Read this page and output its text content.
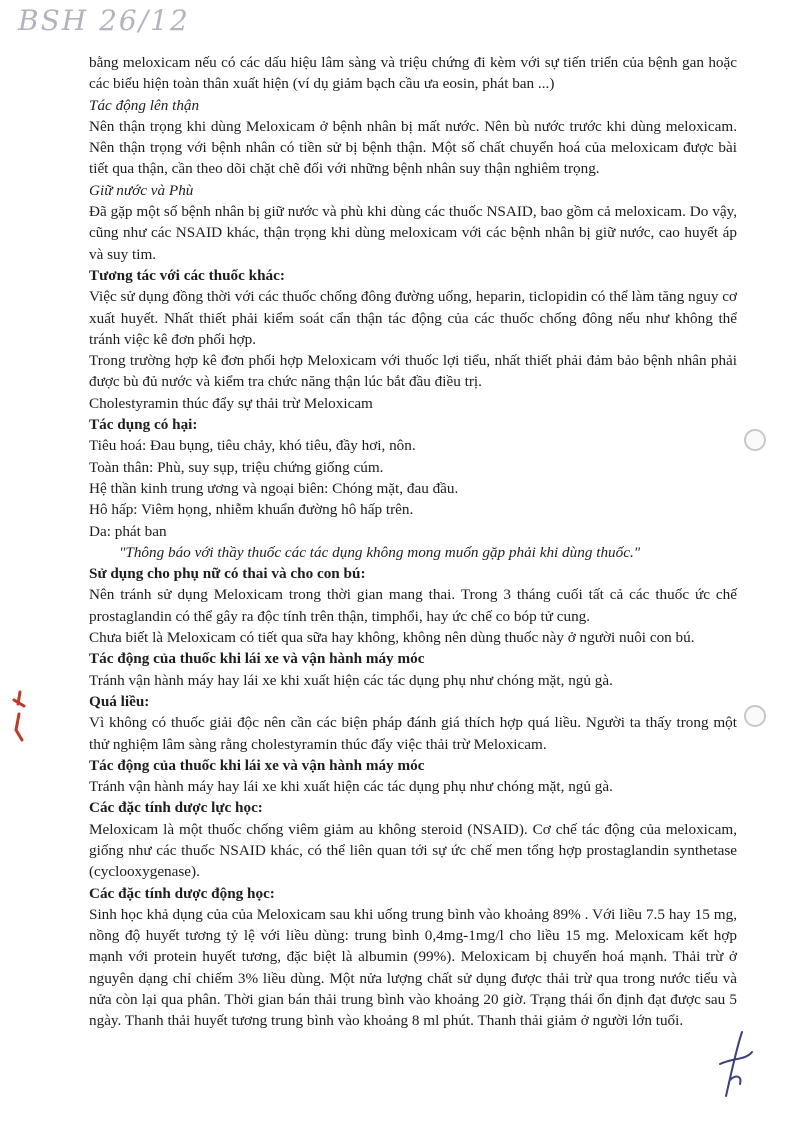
BSH 26/12

bằng meloxicam nếu có các dấu hiệu lâm sàng và triệu chứng đi kèm với sự tiến triển của bệnh gan hoặc các biểu hiện toàn thân xuất hiện (ví dụ giảm bạch cầu ưa eosin, phát ban ...)

Tác động lên thận

Nên thận trọng khi dùng Meloxicam ở bệnh nhân bị mất nước. Nên bù nước trước khi dùng meloxicam. Nên thận trọng với bệnh nhân có tiền sử bị bệnh thận. Một số chất chuyển hoá của meloxicam được bài tiết qua thận, cần theo dõi chặt chẽ đối với những bệnh nhân suy thận nghiêm trọng.

Giữ nước và Phù

Đã gặp một số bệnh nhân bị giữ nước và phù khi dùng các thuốc NSAID, bao gồm cả meloxicam. Do vậy, cũng như các NSAID khác, thận trọng khi dùng meloxicam với các bệnh nhân bị giữ nước, cao huyết áp và suy tim.

Tương tác với các thuốc khác:

Việc sử dụng đồng thời với các thuốc chống đông đường uống, heparin, ticlopidin có thể làm tăng nguy cơ xuất huyết. Nhất thiết phải kiểm soát cẩn thận tác động của các thuốc chống đông nếu như không thể tránh việc kê đơn phối hợp.

Trong trường hợp kê đơn phối hợp Meloxicam với thuốc lợi tiểu, nhất thiết phải đảm bảo bệnh nhân phải được bù đủ nước và kiểm tra chức năng thận lúc bắt đầu điều trị.

Cholestyramin thúc đẩy sự thải trừ Meloxicam

Tác dụng có hại:

Tiêu hoá: Đau bụng, tiêu chảy, khó tiêu, đầy hơi, nôn.

Toàn thân: Phù, suy sụp, triệu chứng giống cúm.

Hệ thần kinh trung ương và ngoại biên: Chóng mặt, đau đầu.

Hô hấp: Viêm họng, nhiễm khuẩn đường hô hấp trên.

Da: phát ban

"Thông báo với thầy thuốc các tác dụng không mong muốn gặp phải khi dùng thuốc."

Sử dụng cho phụ nữ có thai và cho con bú:

Nên tránh sử dụng Meloxicam trong thời gian mang thai. Trong 3 tháng cuối tất cả các thuốc ức chế prostaglandin có thể gây ra độc tính trên thận, timphổi, hay ức chế co bóp tử cung.

Chưa biết là Meloxicam có tiết qua sữa hay không, không nên dùng thuốc này ở người nuôi con bú.

Tác động của thuốc khi lái xe và vận hành máy móc

Tránh vận hành máy hay lái xe khi xuất hiện các tác dụng phụ như chóng mặt, ngủ gà.

Quá liều:

Vì không có thuốc giải độc nên cần các biện pháp đánh giá thích hợp quá liều. Người ta thấy trong một thử nghiệm lâm sàng rằng cholestyramin thúc đẩy việc thải trừ Meloxicam.

Tác động của thuốc khi lái xe và vận hành máy móc

Tránh vận hành máy hay lái xe khi xuất hiện các tác dụng phụ như chóng mặt, ngủ gà.

Các đặc tính dược lực học:

Meloxicam là một thuốc chống viêm giảm au không steroid (NSAID). Cơ chế tác động của meloxicam, giống như các thuốc NSAID khác, có thể liên quan tới sự ức chế men tổng hợp prostaglandin synthetase (cyclooxygenase).

Các đặc tính dược động học:

Sinh học khả dụng của của Meloxicam sau khi uống trung bình vào khoảng 89% . Với liều 7.5 hay 15 mg, nồng độ huyết tương tỷ lệ với liều dùng: trung bình 0,4mg-1mg/l cho liều 15 mg. Meloxicam kết hợp mạnh với protein huyết tương, đặc biệt là albumin (99%). Meloxicam bị chuyển hoá mạnh. Thải trừ ở nguyên dạng chỉ chiếm 3% liều dùng. Một nửa lượng chất sử dụng được thải trừ qua trong nước tiểu và nửa còn lại qua phân. Thời gian bán thải trung bình vào khoảng 20 giờ. Trạng thái ổn định đạt được sau 5 ngày. Thanh thải huyết tương trung bình vào khoảng 8 ml phút. Thanh thải giảm ở người lớn tuổi.
